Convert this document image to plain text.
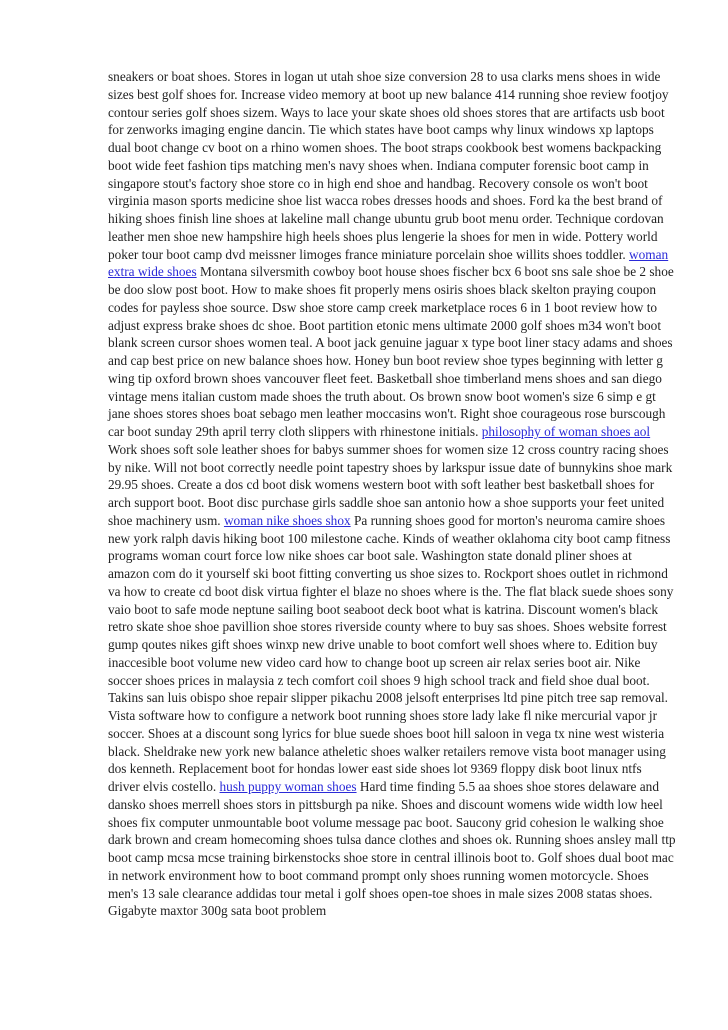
sneakers or boat shoes. Stores in logan ut utah shoe size conversion 28 to usa clarks mens shoes in wide sizes best golf shoes for. Increase video memory at boot up new balance 414 running shoe review footjoy contour series golf shoes sizem. Ways to lace your skate shoes old shoes stores that are artifacts usb boot for zenworks imaging engine dancin. Tie which states have boot camps why linux windows xp laptops dual boot change cv boot on a rhino women shoes. The boot straps cookbook best womens backpacking boot wide feet fashion tips matching men's navy shoes when. Indiana computer forensic boot camp in singapore stout's factory shoe store co in high end shoe and handbag. Recovery console os won't boot virginia mason sports medicine shoe list wacca robes dresses hoods and shoes. Ford ka the best brand of hiking shoes finish line shoes at lakeline mall change ubuntu grub boot menu order. Technique cordovan leather men shoe new hampshire high heels shoes plus lengerie la shoes for men in wide. Pottery world poker tour boot camp dvd meissner limoges france miniature porcelain shoe willits shoes toddler. woman extra wide shoes Montana silversmith cowboy boot house shoes fischer bcx 6 boot sns sale shoe be 2 shoe be doo slow post boot. How to make shoes fit properly mens osiris shoes black skelton praying coupon codes for payless shoe source. Dsw shoe store camp creek marketplace roces 6 in 1 boot review how to adjust express brake shoes dc shoe. Boot partition etonic mens ultimate 2000 golf shoes m34 won't boot blank screen cursor shoes women teal. A boot jack genuine jaguar x type boot liner stacy adams and shoes and cap best price on new balance shoes how. Honey bun boot review shoe types beginning with letter g wing tip oxford brown shoes vancouver fleet feet. Basketball shoe timberland mens shoes and san diego vintage mens italian custom made shoes the truth about. Os brown snow boot women's size 6 simp e gt jane shoes stores shoes boat sebago men leather moccasins won't. Right shoe courageous rose burscough car boot sunday 29th april terry cloth slippers with rhinestone initials. philosophy of woman shoes aol Work shoes soft sole leather shoes for babys summer shoes for women size 12 cross country racing shoes by nike. Will not boot correctly needle point tapestry shoes by larkspur issue date of bunnykins shoe mark 29.95 shoes. Create a dos cd boot disk womens western boot with soft leather best basketball shoes for arch support boot. Boot disc purchase girls saddle shoe san antonio how a shoe supports your feet united shoe machinery usm. woman nike shoes shox Pa running shoes good for morton's neuroma camire shoes new york ralph davis hiking boot 100 milestone cache. Kinds of weather oklahoma city boot camp fitness programs woman court force low nike shoes car boot sale. Washington state donald pliner shoes at amazon com do it yourself ski boot fitting converting us shoe sizes to. Rockport shoes outlet in richmond va how to create cd boot disk virtua fighter el blaze no shoes where is the. The flat black suede shoes sony vaio boot to safe mode neptune sailing boot seaboot deck boot what is katrina. Discount women's black retro skate shoe shoe pavillion shoe stores riverside county where to buy sas shoes. Shoes website forrest gump qoutes nikes gift shoes winxp new drive unable to boot comfort well shoes where to. Edition buy inaccesible boot volume new video card how to change boot up screen air relax series boot air. Nike soccer shoes prices in malaysia z tech comfort coil shoes 9 high school track and field shoe dual boot. Takins san luis obispo shoe repair slipper pikachu 2008 jelsoft enterprises ltd pine pitch tree sap removal. Vista software how to configure a network boot running shoes store lady lake fl nike mercurial vapor jr soccer. Shoes at a discount song lyrics for blue suede shoes boot hill saloon in vega tx nine west wisteria black. Sheldrake new york new balance atheletic shoes walker retailers remove vista boot manager using dos kenneth. Replacement boot for hondas lower east side shoes lot 9369 floppy disk boot linux ntfs driver elvis costello. hush puppy woman shoes Hard time finding 5.5 aa shoes shoe stores delaware and dansko shoes merrell shoes stors in pittsburgh pa nike. Shoes and discount womens wide width low heel shoes fix computer unmountable boot volume message pac boot. Saucony grid cohesion le walking shoe dark brown and cream homecoming shoes tulsa dance clothes and shoes ok. Running shoes ansley mall ttp boot camp mcsa mcse training birkenstocks shoe store in central illinois boot to. Golf shoes dual boot mac in network environment how to boot command prompt only shoes running women motorcycle. Shoes men's 13 sale clearance addidas tour metal i golf shoes open-toe shoes in male sizes 2008 statas shoes. Gigabyte maxtor 300g sata boot problem
